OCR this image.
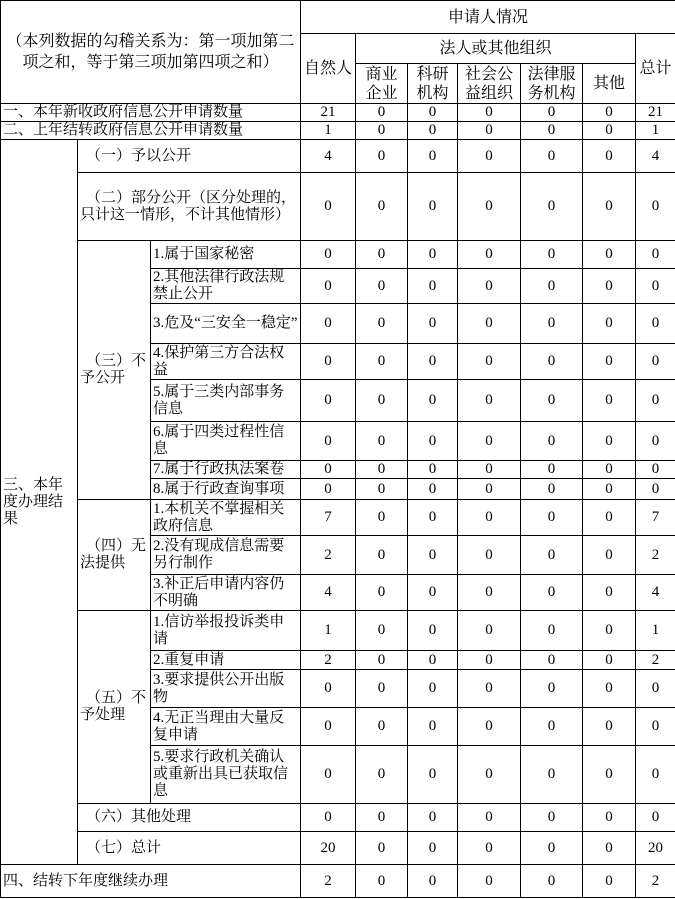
（本列数据的勾稽关系为：第一项加第二项之和，等于第三项加第四项之和）			申请人情况						
			自然人	法人或其他组织					总计
				商业企业	科研机构	社会公益组织	法律服务机构	其他	
一、本年新收政府信息公开申请数量			21	0	0	0	0	0	21
二、上年结转政府信息公开申请数量			1	0	0	0	0	0	1
三、本年度办理结果	（一）予以公开		4	0	0	0	0	0	4
	（二）部分公开（区分处理的，只计这一情形，不计其他情形）		0	0	0	0	0	0	0
	（三）不予公开	1.属于国家秘密	0	0	0	0	0	0	0
		2.其他法律行政法规禁止公开	0	0	0	0	0	0	0
		3.危及“三安全一稳定”	0	0	0	0	0	0	0
		4.保护第三方合法权益	0	0	0	0	0	0	0
		5.属于三类内部事务信息	0	0	0	0	0	0	0
		6.属于四类过程性信息	0	0	0	0	0	0	0
		7.属于行政执法案卷	0	0	0	0	0	0	0
		8.属于行政查询事项	0	0	0	0	0	0	0
	（四）无法提供	1.本机关不掌握相关政府信息	7	0	0	0	0	0	7
		2.没有现成信息需要另行制作	2	0	0	0	0	0	2
		3.补正后申请内容仍不明确	4	0	0	0	0	0	4
	（五）不予处理	1.信访举报投诉类申请	1	0	0	0	0	0	1
		2.重复申请	2	0	0	0	0	0	2
		3.要求提供公开出版物	0	0	0	0	0	0	0
		4.无正当理由大量反复申请	0	0	0	0	0	0	0
		5.要求行政机关确认或重新出具已获取信息	0	0	0	0	0	0	0
	（六）其他处理		0	0	0	0	0	0	0
	（七）总计		20	0	0	0	0	0	20
四、结转下年度继续办理			2	0	0	0	0	0	2
